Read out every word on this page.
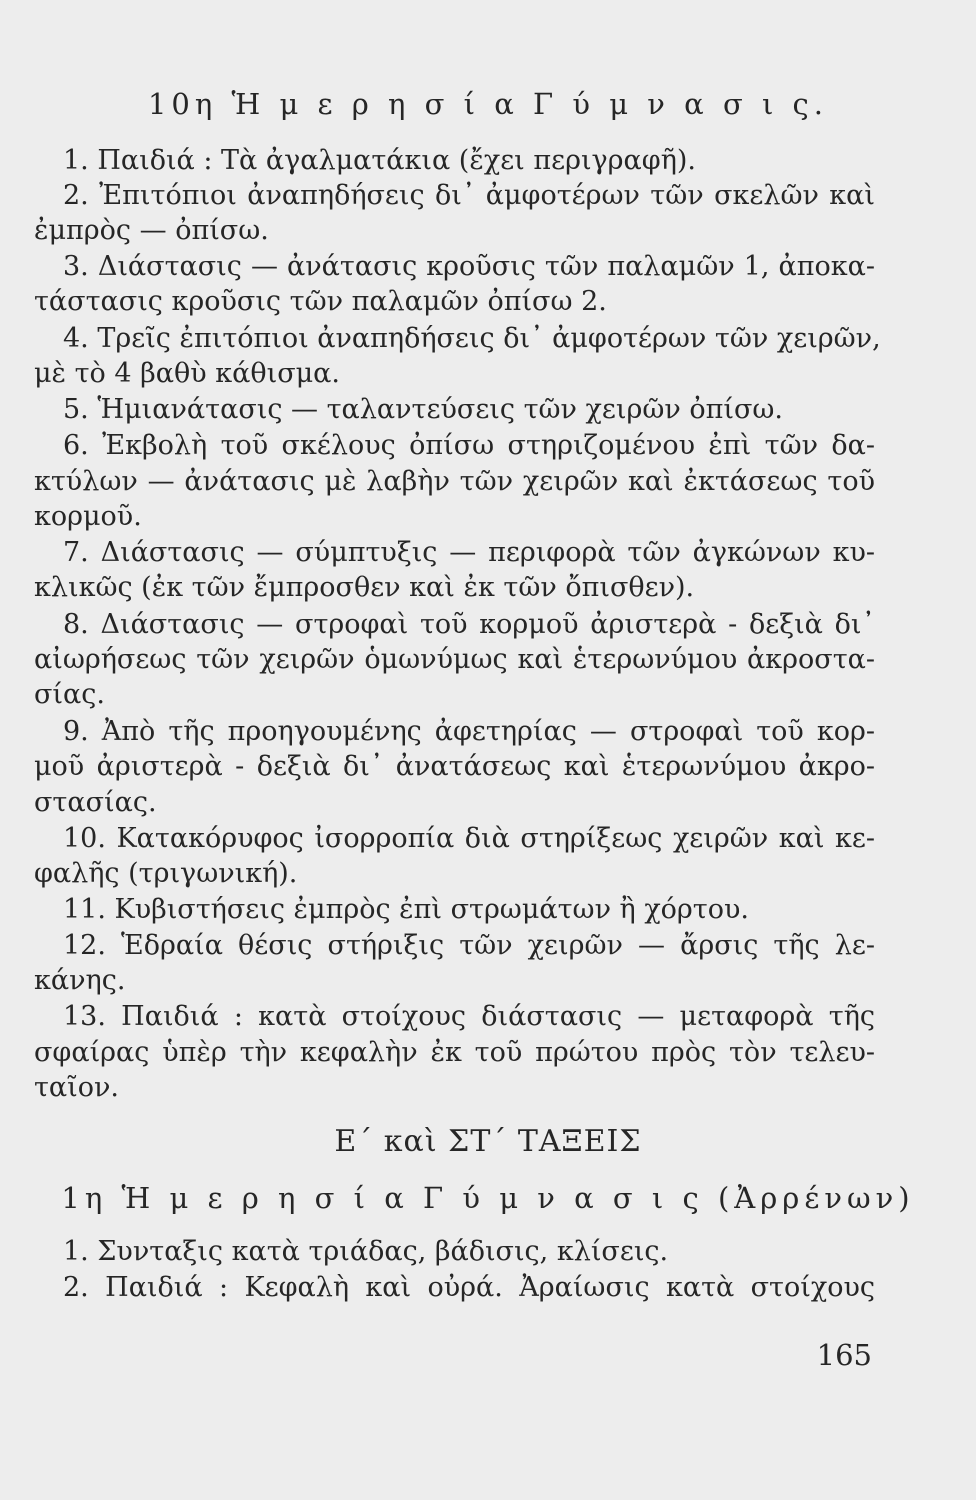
10η Ἡ μ ε ρ η σ ί α Γ ύ μ ν α σ ι ς.
1. Παιδιά : Τὰ ἀγαλματάκια (ἔχει περιγραφῆ).
2. Ἐπιτόπιοι ἀναπηδήσεις δι᾽ ἀμφοτέρων τῶν σκελῶν καὶ
ἐμπρὸς — ὀπίσω.
3. Διάστασις — ἀνάτασις κροῦσις τῶν παλαμῶν 1, ἀποκα-
τάστασις κροῦσις τῶν παλαμῶν ὀπίσω 2.
4. Τρεῖς ἐπιτόπιοι ἀναπηδήσεις δι᾽ ἀμφοτέρων τῶν χειρῶν,
μὲ τὸ 4 βαθὺ κάθισμα.
5. Ἡμιανάτασις — ταλαντεύσεις τῶν χειρῶν ὀπίσω.
6. Ἐκβολὴ τοῦ σκέλους ὀπίσω στηριζομένου ἐπὶ τῶν δα-
κτύλων — ἀνάτασις μὲ λαβὴν τῶν χειρῶν καὶ ἐκτάσεως τοῦ
κορμοῦ.
7. Διάστασις — σύμπτυξις — περιφορὰ τῶν ἀγκώνων κυ-
κλικῶς (ἐκ τῶν ἔμπροσθεν καὶ ἐκ τῶν ὄπισθεν).
8. Διάστασις — στροφαὶ τοῦ κορμοῦ ἀριστερὰ - δεξιὰ δι᾽
αἰωρήσεως τῶν χειρῶν ὁμωνύμως καὶ ἑτερωνύμου ἀκροστα-
σίας.
9. Ἀπὸ τῆς προηγουμένης ἀφετηρίας — στροφαὶ τοῦ κορ-
μοῦ ἀριστερὰ - δεξιὰ δι᾽ ἀνατάσεως καὶ ἑτερωνύμου ἀκρο-
στασίας.
10. Κατακόρυφος ἰσορροπία διὰ στηρίξεως χειρῶν καὶ κε-
φαλῆς (τριγωνική).
11. Κυβιστήσεις ἐμπρὸς ἐπὶ στρωμάτων ἢ χόρτου.
12. Ἑδραία θέσις στήριξις τῶν χειρῶν — ἄρσις τῆς λε-
κάνης.
13. Παιδιά : κατὰ στοίχους διάστασις — μεταφορὰ τῆς
σφαίρας ὑπὲρ τὴν κεφαλὴν ἐκ τοῦ πρώτου πρὸς τὸν τελευ-
ταῖον.
Ε΄ καὶ ΣΤ΄ ΤΑΞΕΙΣ
1η Ἡ μ ε ρ η σ ί α Γ ύ μ ν α σ ι ς (Ἀρρένων)
1. Συνταξις κατὰ τριάδας, βάδισις, κλίσεις.
2. Παιδιά : Κεφαλὴ καὶ οὐρά. Ἀραίωσις κατὰ στοίχους
165
